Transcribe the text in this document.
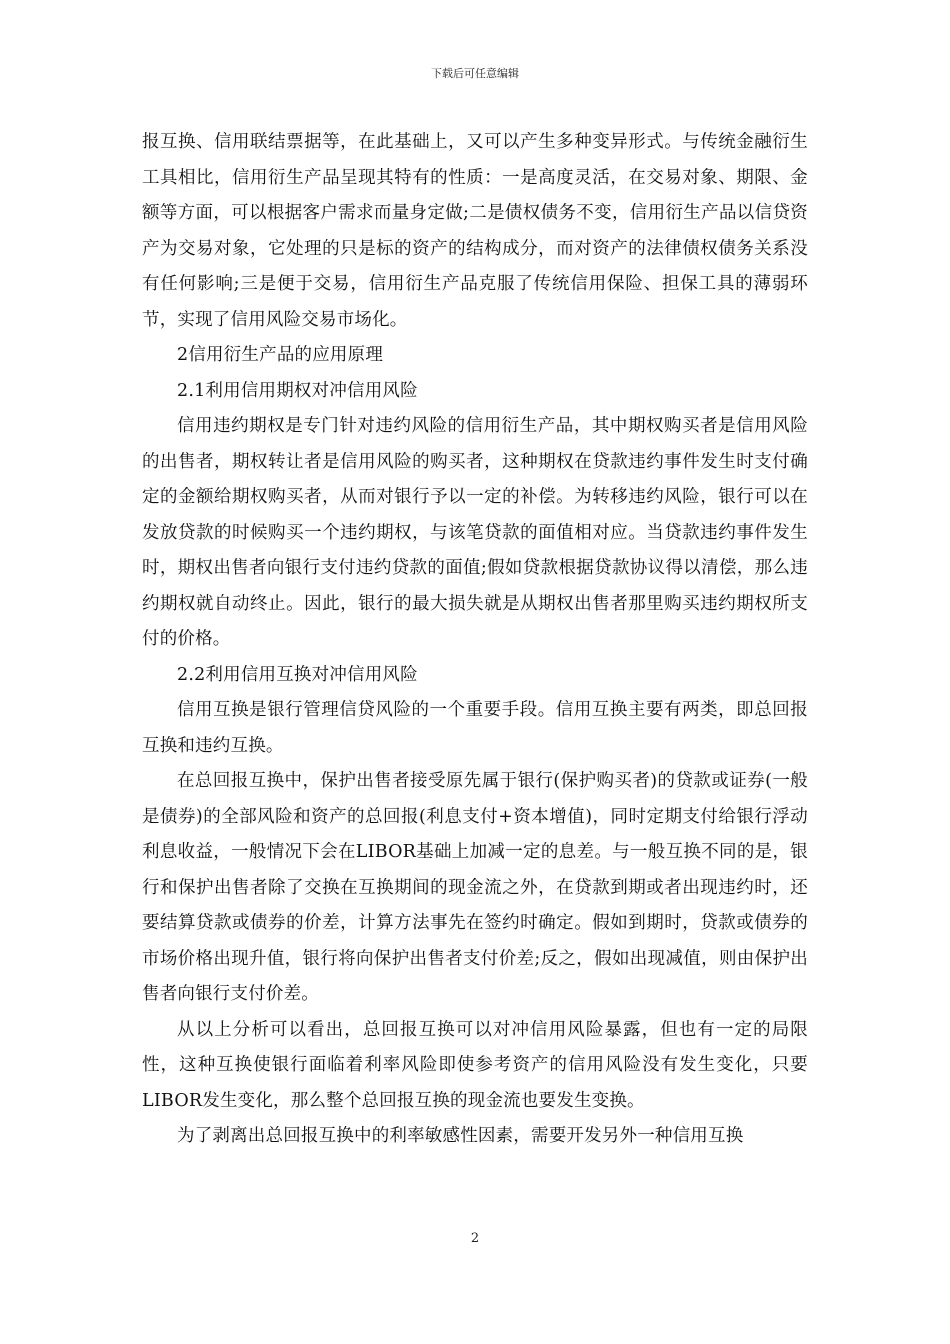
下载后可任意编辑

报互换、信用联结票据等，在此基础上，又可以产生多种变异形式。与传统金融衍生工具相比，信用衍生产品呈现其特有的性质：一是高度灵活，在交易对象、期限、金额等方面，可以根据客户需求而量身定做;二是债权债务不变，信用衍生产品以信贷资产为交易对象，它处理的只是标的资产的结构成分，而对资产的法律债权债务关系没有任何影响;三是便于交易，信用衍生产品克服了传统信用保险、担保工具的薄弱环节，实现了信用风险交易市场化。

2信用衍生产品的应用原理

2.1利用信用期权对冲信用风险

信用违约期权是专门针对违约风险的信用衍生产品，其中期权购买者是信用风险的出售者，期权转让者是信用风险的购买者，这种期权在贷款违约事件发生时支付确定的金额给期权购买者，从而对银行予以一定的补偿。为转移违约风险，银行可以在发放贷款的时候购买一个违约期权，与该笔贷款的面值相对应。当贷款违约事件发生时，期权出售者向银行支付违约贷款的面值;假如贷款根据贷款协议得以清偿，那么违约期权就自动终止。因此，银行的最大损失就是从期权出售者那里购买违约期权所支付的价格。

2.2利用信用互换对冲信用风险

信用互换是银行管理信贷风险的一个重要手段。信用互换主要有两类，即总回报互换和违约互换。

在总回报互换中，保护出售者接受原先属于银行(保护购买者)的贷款或证券(一般是债券)的全部风险和资产的总回报(利息支付+资本增值)，同时定期支付给银行浮动利息收益，一般情况下会在LIBOR基础上加减一定的息差。与一般互换不同的是，银行和保护出售者除了交换在互换期间的现金流之外，在贷款到期或者出现违约时，还要结算贷款或债券的价差，计算方法事先在签约时确定。假如到期时，贷款或债券的市场价格出现升值，银行将向保护出售者支付价差;反之，假如出现减值，则由保护出售者向银行支付价差。

从以上分析可以看出，总回报互换可以对冲信用风险暴露，但也有一定的局限性，这种互换使银行面临着利率风险即使参考资产的信用风险没有发生变化，只要LIBOR发生变化，那么整个总回报互换的现金流也要发生变换。

为了剥离出总回报互换中的利率敏感性因素，需要开发另外一种信用互换

2
